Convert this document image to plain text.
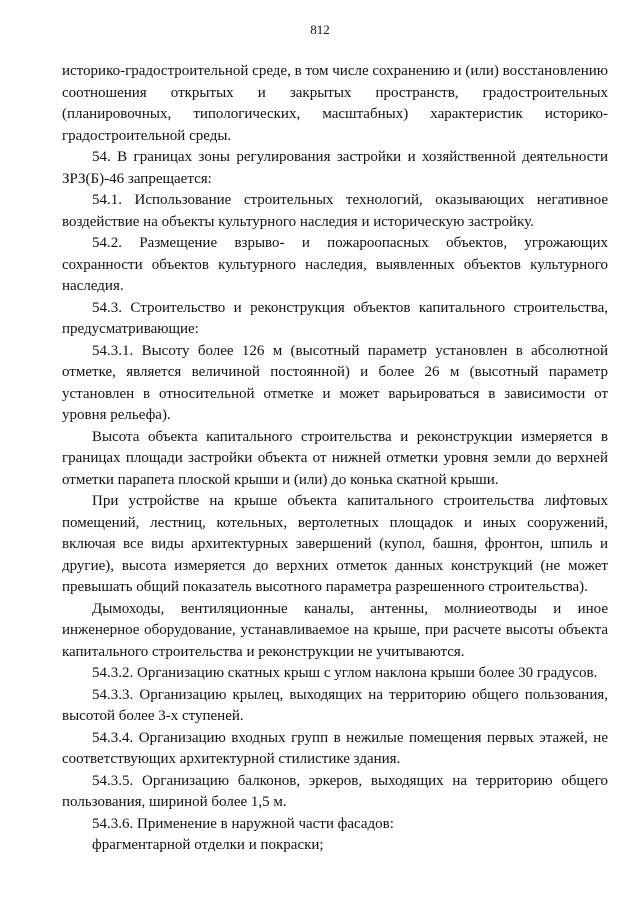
812

историко-градостроительной среде, в том числе сохранению и (или) восстановлению соотношения открытых и закрытых пространств, градостроительных (планировочных, типологических, масштабных) характеристик историко-градостроительной среды.

54. В границах зоны регулирования застройки и хозяйственной деятельности ЗРЗ(Б)-46 запрещается:

54.1. Использование строительных технологий, оказывающих негативное воздействие на объекты культурного наследия и историческую застройку.

54.2. Размещение взрыво- и пожароопасных объектов, угрожающих сохранности объектов культурного наследия, выявленных объектов культурного наследия.

54.3. Строительство и реконструкция объектов капитального строительства, предусматривающие:

54.3.1. Высоту более 126 м (высотный параметр установлен в абсолютной отметке, является величиной постоянной) и более 26 м (высотный параметр установлен в относительной отметке и может варьироваться в зависимости от уровня рельефа).

Высота объекта капитального строительства и реконструкции измеряется в границах площади застройки объекта от нижней отметки уровня земли до верхней отметки парапета плоской крыши и (или) до конька скатной крыши.

При устройстве на крыше объекта капитального строительства лифтовых помещений, лестниц, котельных, вертолетных площадок и иных сооружений, включая все виды архитектурных завершений (купол, башня, фронтон, шпиль и другие), высота измеряется до верхних отметок данных конструкций (не может превышать общий показатель высотного параметра разрешенного строительства).

Дымоходы, вентиляционные каналы, антенны, молниеотводы и иное инженерное оборудование, устанавливаемое на крыше, при расчете высоты объекта капитального строительства и реконструкции не учитываются.

54.3.2. Организацию скатных крыш с углом наклона крыши более 30 градусов.

54.3.3. Организацию крылец, выходящих на территорию общего пользования, высотой более 3-х ступеней.

54.3.4. Организацию входных групп в нежилые помещения первых этажей, не соответствующих архитектурной стилистике здания.

54.3.5. Организацию балконов, эркеров, выходящих на территорию общего пользования, шириной более 1,5 м.

54.3.6. Применение в наружной части фасадов:

фрагментарной отделки и покраски;
